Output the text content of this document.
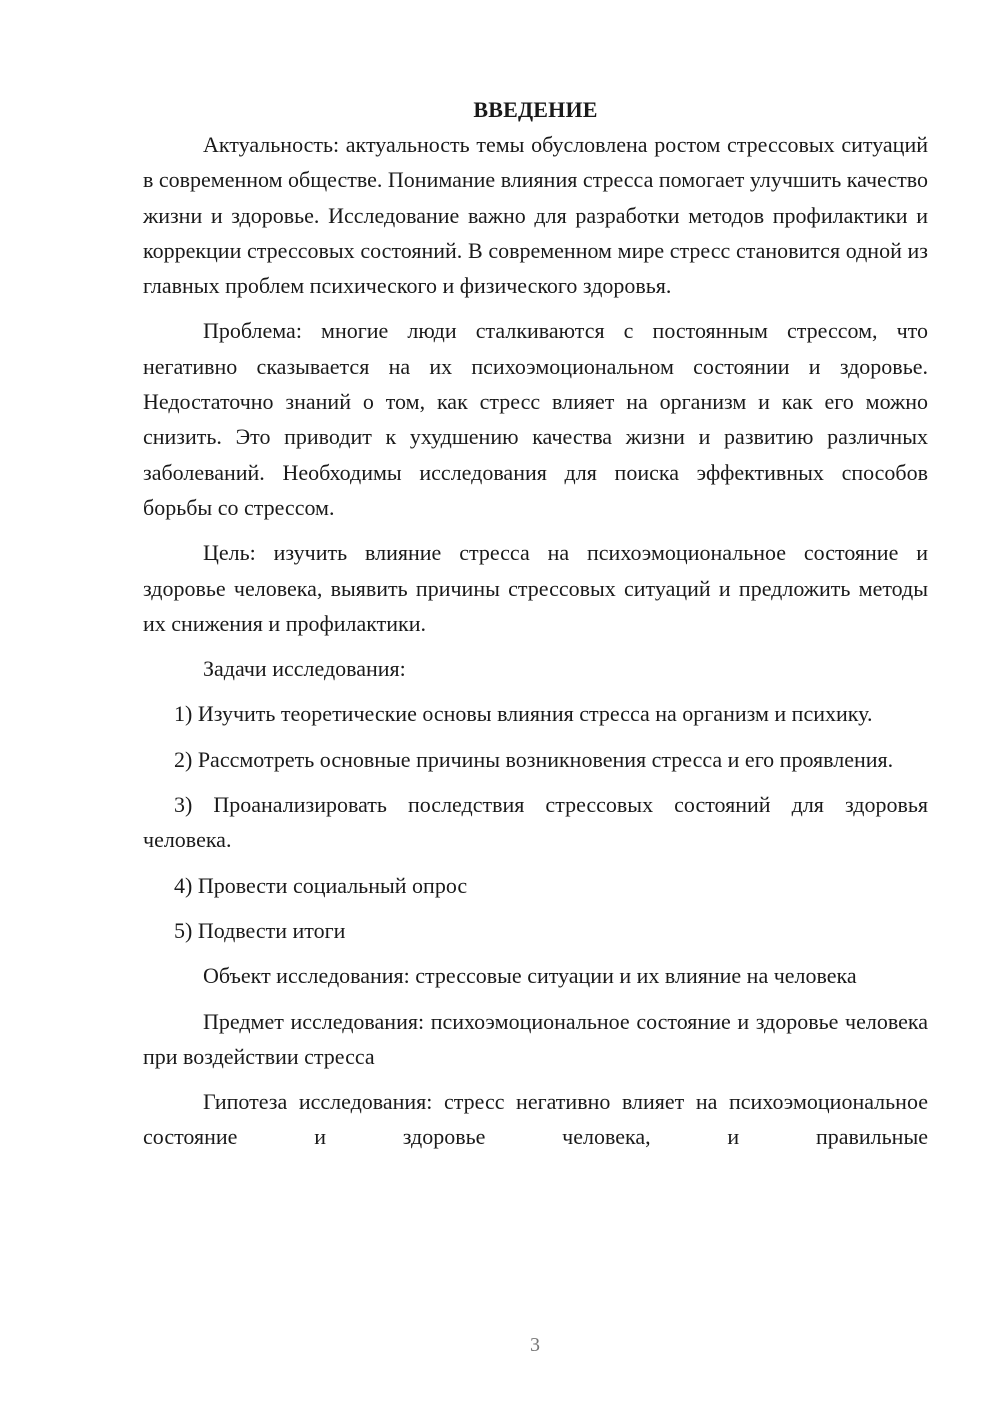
ВВЕДЕНИЕ

Актуальность: актуальность темы обусловлена ростом стрессовых ситуаций в современном обществе. Понимание влияния стресса помогает улучшить качество жизни и здоровье. Исследование важно для разработки методов профилактики и коррекции стрессовых состояний. В современном мире стресс становится одной из главных проблем психического и физического здоровья.

Проблема: многие люди сталкиваются с постоянным стрессом, что негативно сказывается на их психоэмоциональном состоянии и здоровье. Недостаточно знаний о том, как стресс влияет на организм и как его можно снизить. Это приводит к ухудшению качества жизни и развитию различных заболеваний. Необходимы исследования для поиска эффективных способов борьбы со стрессом.

Цель: изучить влияние стресса на психоэмоциональное состояние и здоровье человека, выявить причины стрессовых ситуаций и предложить методы их снижения и профилактики.

Задачи исследования:

1) Изучить теоретические основы влияния стресса на организм и психику.

2) Рассмотреть основные причины возникновения стресса и его проявления.

3) Проанализировать последствия стрессовых состояний для здоровья человека.

4) Провести социальный опрос

5) Подвести итоги

Объект исследования: стрессовые ситуации и их влияние на человека

Предмет исследования: психоэмоциональное состояние и здоровье человека при воздействии стресса

Гипотеза исследования: стресс негативно влияет на психоэмоциональное состояние и здоровье человека, и правильные

3
